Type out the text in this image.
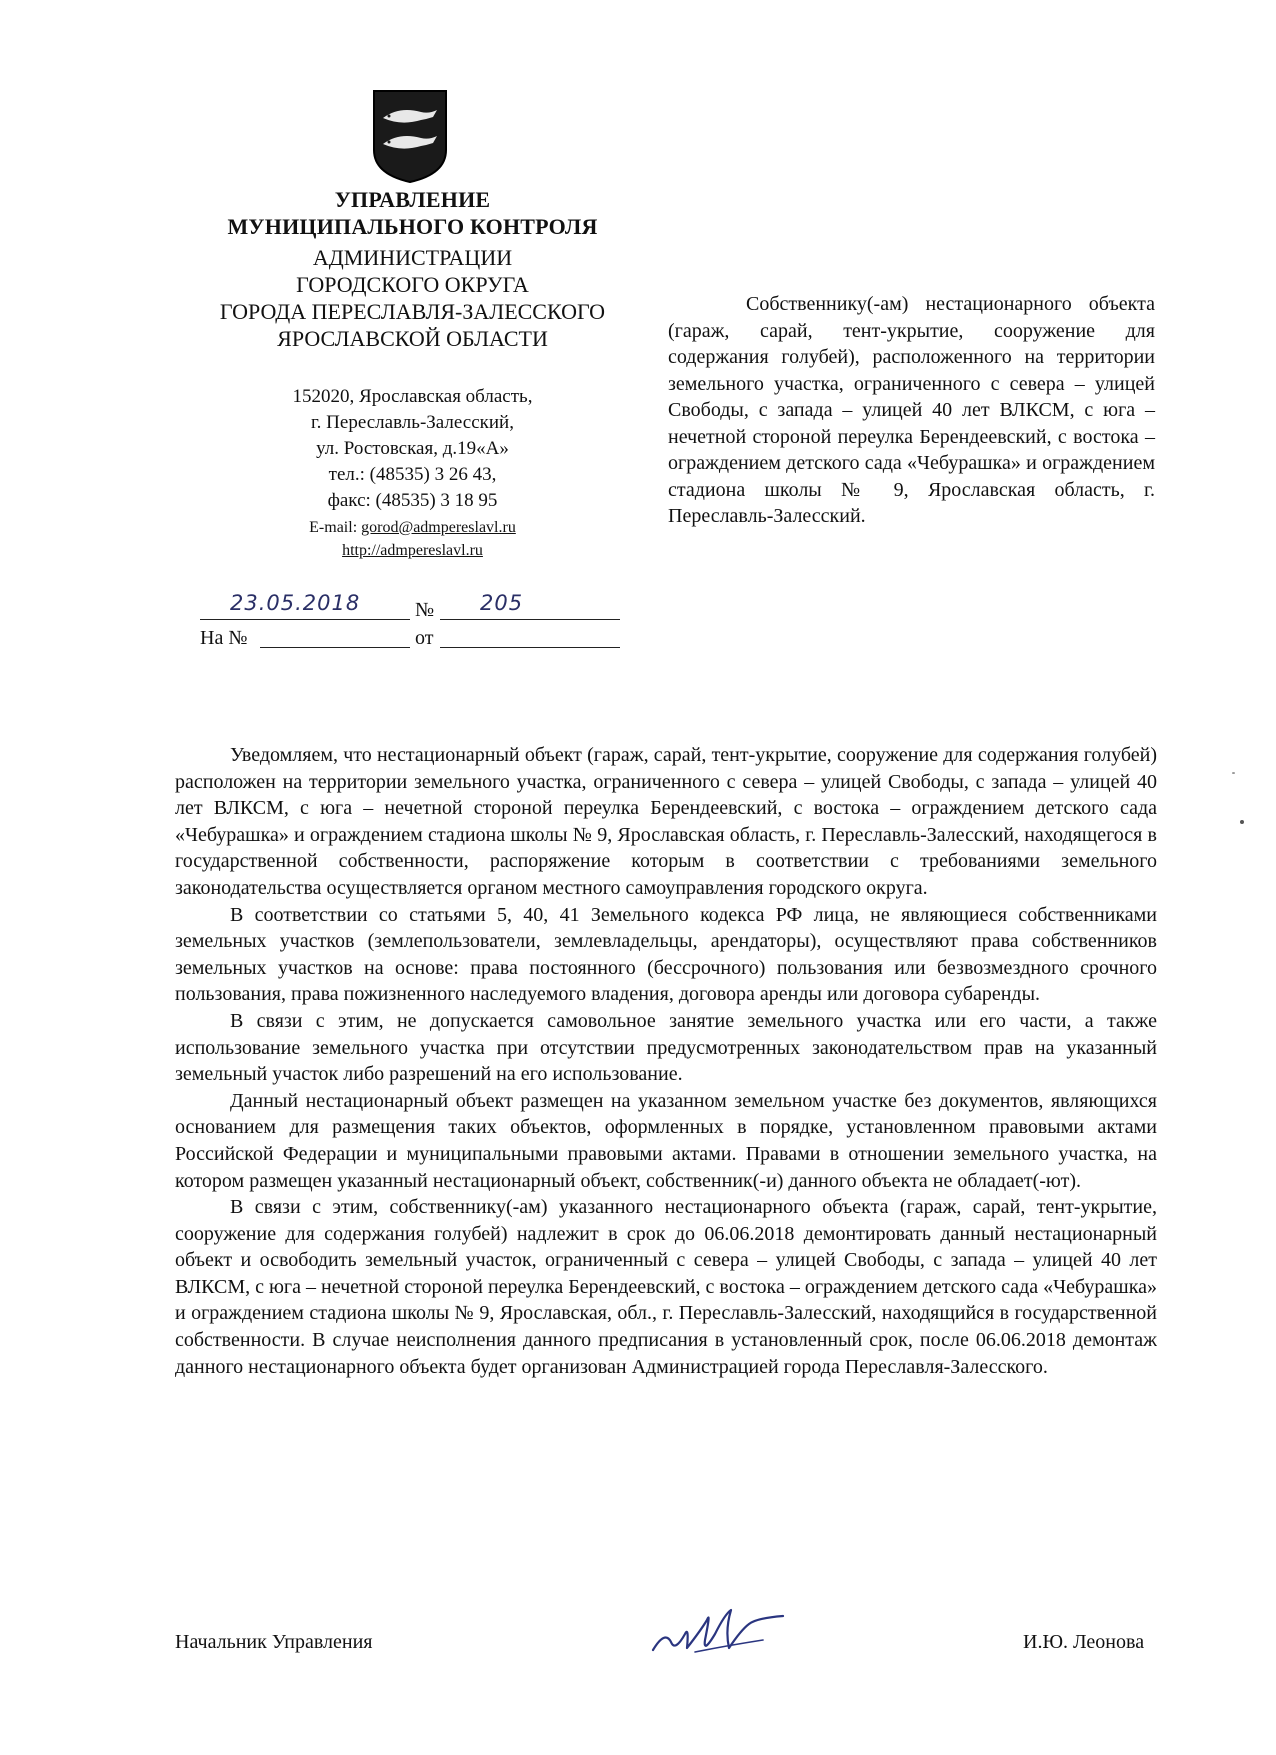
УПРАВЛЕНИЕ
МУНИЦИПАЛЬНОГО КОНТРОЛЯ
АДМИНИСТРАЦИИ
ГОРОДСКОГО ОКРУГА
ГОРОДА ПЕРЕСЛАВЛЯ-ЗАЛЕССКОГО
ЯРОСЛАВСКОЙ ОБЛАСТИ
152020, Ярославская область,
г. Переславль-Залесский,
ул. Ростовская, д.19«А»
тел.: (48535) 3 26 43,
факс: (48535) 3 18 95
E-mail: gorod@admpereslavl.ru
http://admpereslavl.ru
23.05.2018	№ 205
На №	от
Собственнику(-ам) нестационарного объекта (гараж, сарай, тент-укрытие, сооружение для содержания голубей), расположенного на территории земельного участка, ограниченного с севера – улицей Свободы, с запада – улицей 40 лет ВЛКСМ, с юга – нечетной стороной переулка Берендеевский, с востока – ограждением детского сада «Чебурашка» и ограждением стадиона школы № 9, Ярославская область, г. Переславль-Залесский.

Уведомляем, что нестационарный объект (гараж, сарай, тент-укрытие, сооружение для содержания голубей) расположен на территории земельного участка, ограниченного с севера – улицей Свободы, с запада – улицей 40 лет ВЛКСМ, с юга – нечетной стороной переулка Берендеевский, с востока – ограждением детского сада «Чебурашка» и ограждением стадиона школы № 9, Ярославская область, г. Переславль-Залесский, находящегося в государственной собственности, распоряжение которым в соответствии с требованиями земельного законодательства осуществляется органом местного самоуправления городского округа.

В соответствии со статьями 5, 40, 41 Земельного кодекса РФ лица, не являющиеся собственниками земельных участков (землепользователи, землевладельцы, арендаторы), осуществляют права собственников земельных участков на основе: права постоянного (бессрочного) пользования или безвозмездного срочного пользования, права пожизненного наследуемого владения, договора аренды или договора субаренды.

В связи с этим, не допускается самовольное занятие земельного участка или его части, а также использование земельного участка при отсутствии предусмотренных законодательством прав на указанный земельный участок либо разрешений на его использование.

Данный нестационарный объект размещен на указанном земельном участке без документов, являющихся основанием для размещения таких объектов, оформленных в порядке, установленном правовыми актами Российской Федерации и муниципальными правовыми актами. Правами в отношении земельного участка, на котором размещен указанный нестационарный объект, собственник(-и) данного объекта не обладает(-ют).

В связи с этим, собственнику(-ам) указанного нестационарного объекта (гараж, сарай, тент-укрытие, сооружение для содержания голубей) надлежит в срок до 06.06.2018 демонтировать данный нестационарный объект и освободить земельный участок, ограниченный с севера – улицей Свободы, с запада – улицей 40 лет ВЛКСМ, с юга – нечетной стороной переулка Берендеевский, с востока – ограждением детского сада «Чебурашка» и ограждением стадиона школы № 9, Ярославская, обл., г. Переславль-Залесский, находящийся в государственной собственности. В случае неисполнения данного предписания в установленный срок, после 06.06.2018 демонтаж данного нестационарного объекта будет организован Администрацией города Переславля-Залесского.

Начальник Управления	И.Ю. Леонова
